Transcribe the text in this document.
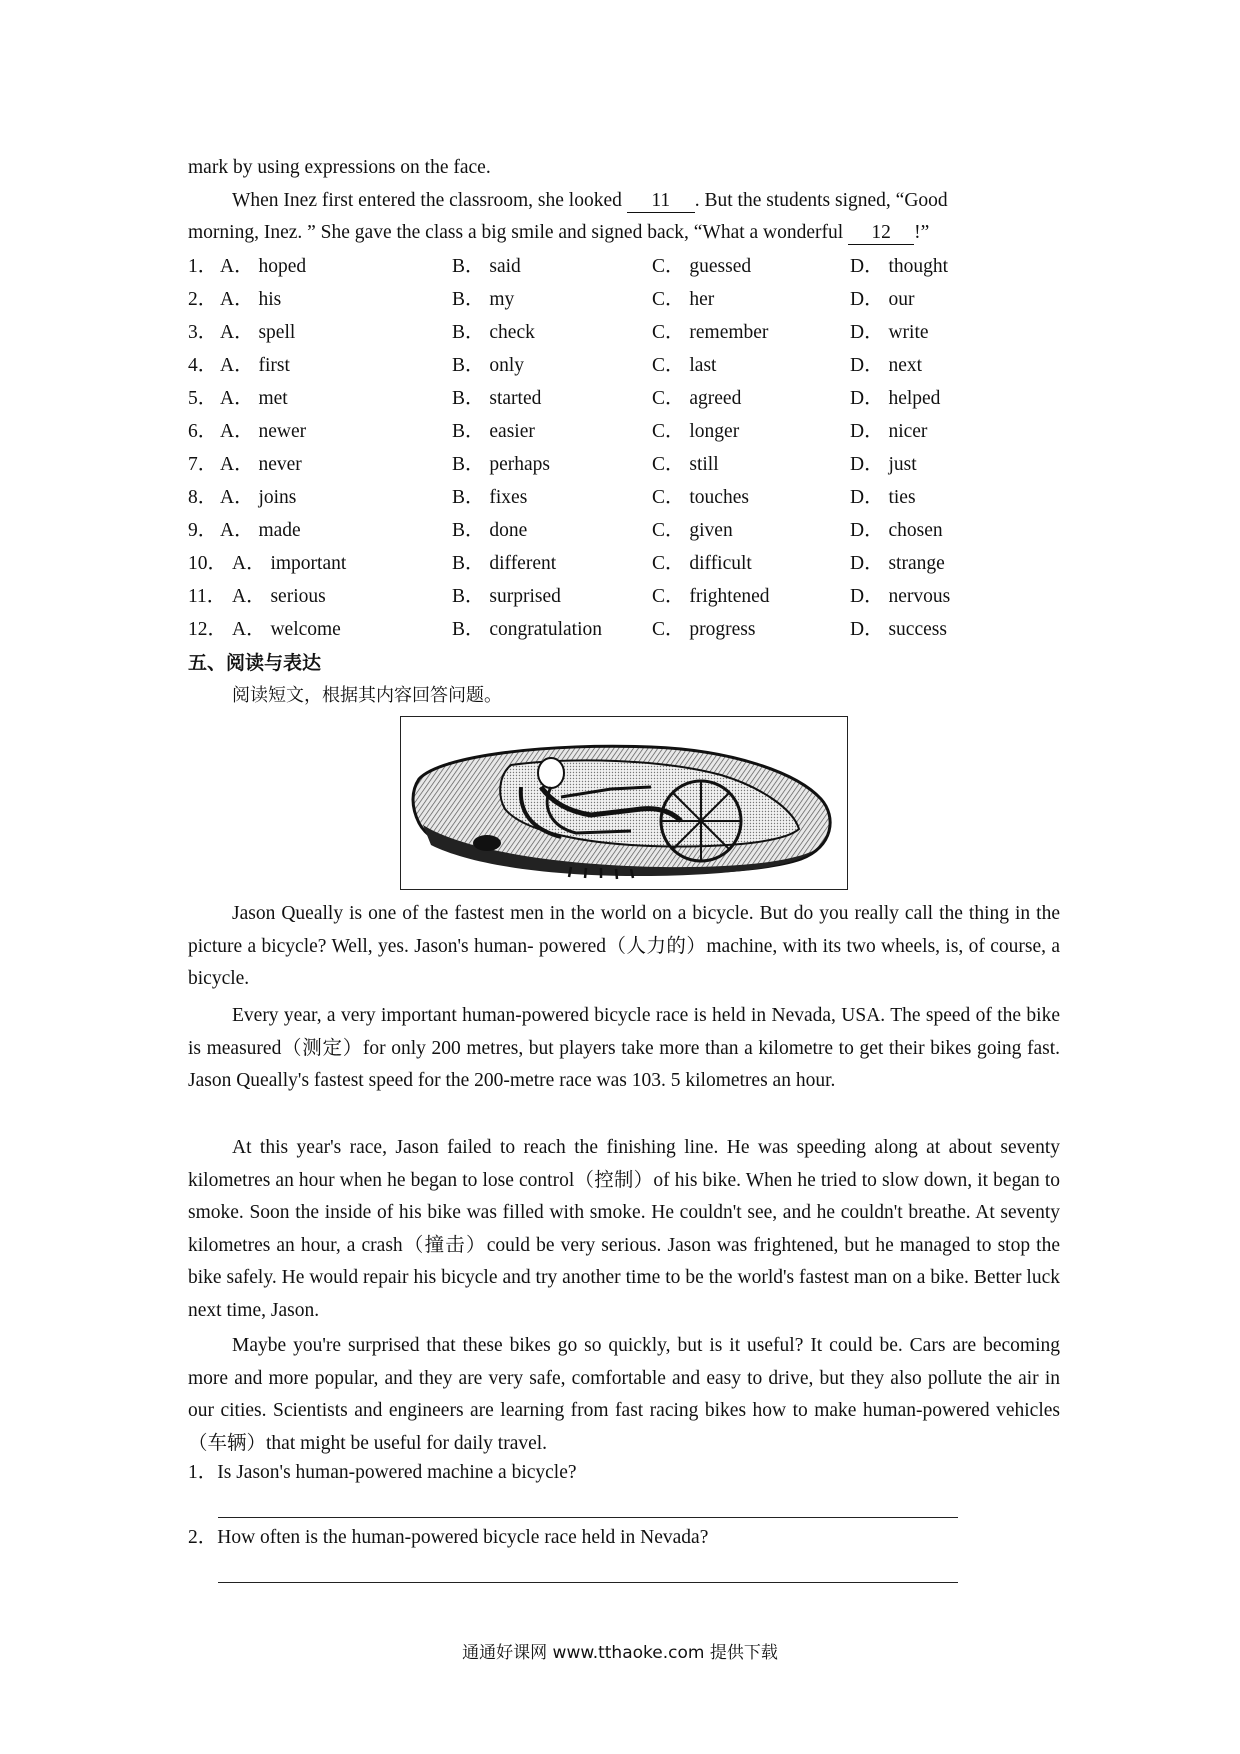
mark by using expressions on the face.
When Inez first entered the classroom, she looked 11 . But the students signed, “Good
morning, Inez. ” She gave the class a big smile and signed back, “What a wonderful 12 !”
1． A． hoped	B． said	C． guessed	D． thought
2． A． his	B． my	C． her	D． our
3． A． spell	B． check	C． remember	D． write
4． A． first	B． only	C． last	D． next
5． A． met	B． started	C． agreed	D． helped
6． A． newer	B． easier	C． longer	D． nicer
7． A． never	B． perhaps	C． still	D． just
8． A． joins	B． fixes	C． touches	D． ties
9． A． made	B． done	C． given	D． chosen
10． A． important	B． different	C． difficult	D． strange
11． A． serious	B． surprised	C． frightened	D． nervous
12． A． welcome	B． congratulation	C． progress	D． success
五、阅读与表达
阅读短文，根据其内容回答问题。
Jason Queally is one of the fastest men in the world on a bicycle. But do you really call the thing in the picture a bicycle? Well, yes. Jason's human- powered（人力的）machine, with its two wheels, is, of course, a bicycle.
Every year, a very important human-powered bicycle race is held in Nevada, USA. The speed of the bike is measured（测定）for only 200 metres, but players take more than a kilometre to get their bikes going fast. Jason Queally's fastest speed for the 200-metre race was 103. 5 kilometres an hour.
At this year's race, Jason failed to reach the finishing line. He was speeding along at about seventy kilometres an hour when he began to lose control（控制）of his bike. When he tried to slow down, it began to smoke. Soon the inside of his bike was filled with smoke. He couldn't see, and he couldn't breathe. At seventy kilometres an hour, a crash（撞击）could be very serious. Jason was frightened, but he managed to stop the bike safely. He would repair his bicycle and try another time to be the world's fastest man on a bike. Better luck next time, Jason.
Maybe you're surprised that these bikes go so quickly, but is it useful? It could be. Cars are becoming more and more popular, and they are very safe, comfortable and easy to drive, but they also pollute the air in our cities. Scientists and engineers are learning from fast racing bikes how to make human-powered vehicles（车辆）that might be useful for daily travel.
1．Is Jason's human-powered machine a bicycle?
2．How often is the human-powered bicycle race held in Nevada?
通通好课网 www.tthaoke.com 提供下载
